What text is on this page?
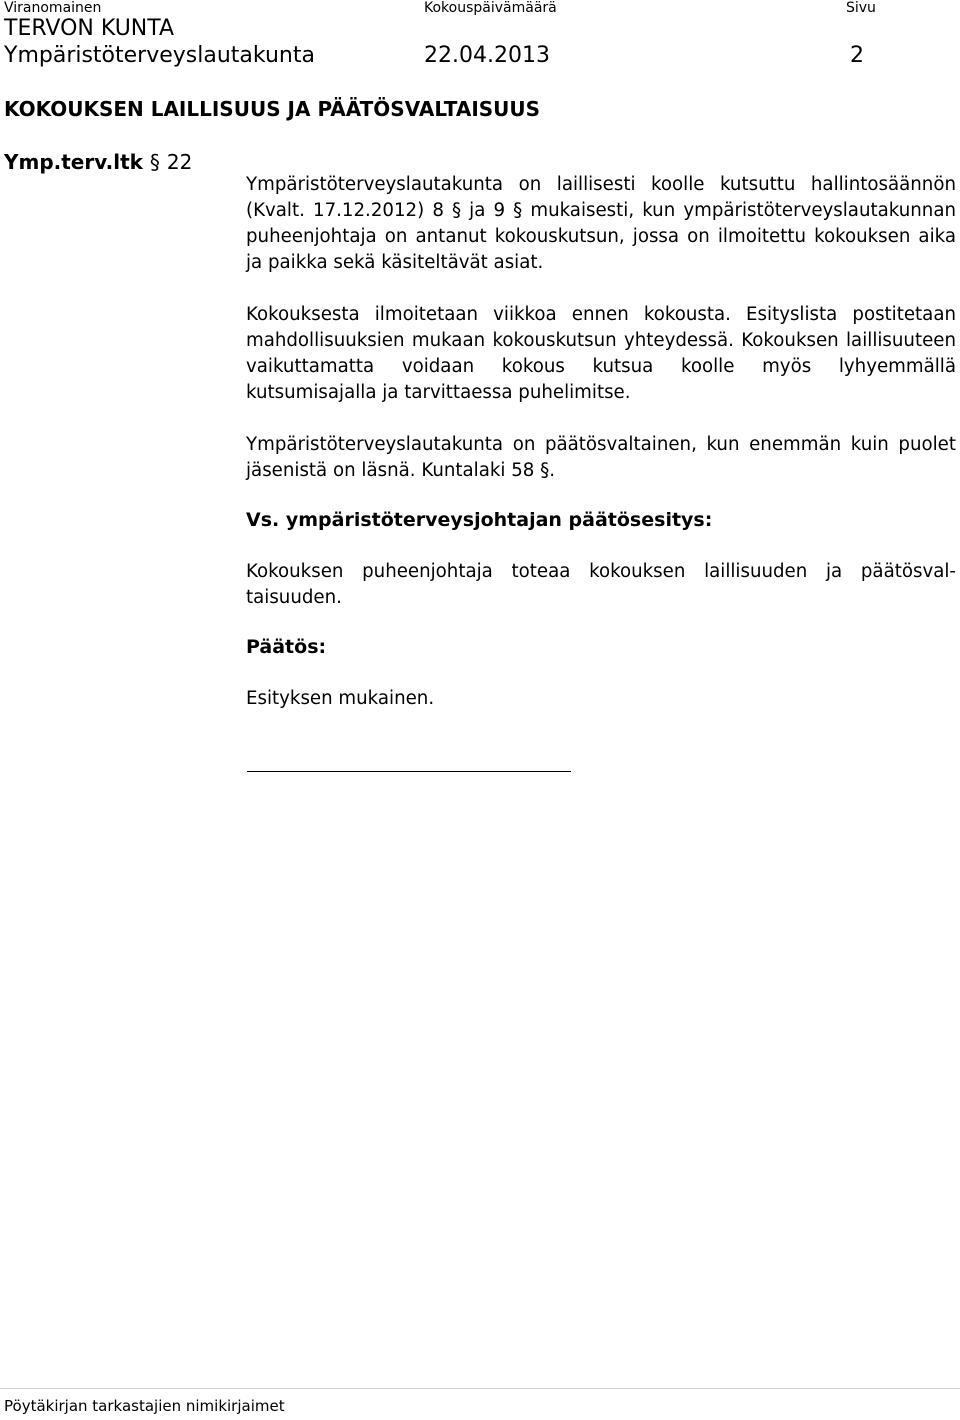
Viranomainen	Kokouspäivämäärä	Sivu
TERVON KUNTA
Ympäristöterveyslautakunta	22.04.2013	2
KOKOUKSEN LAILLISUUS JA PÄÄTÖSVALTAISUUS
Ymp.terv.ltk § 22

Ympäristöterveyslautakunta on laillisesti koolle kutsuttu hallintosäännön (Kvalt. 17.12.2012) 8 § ja 9 § mukaisesti, kun ympäristöterveyslautakunnan puheenjohtaja on antanut kokouskutsun, jossa on ilmoitettu kokouksen aika ja paikka sekä käsiteltävät asiat.

Kokouksesta ilmoitetaan viikkoa ennen kokousta. Esityslista postitetaan mahdollisuuksien mukaan kokouskutsun yhteydessä. Kokouksen laillisuuteen vaikuttamatta voidaan kokous kutsua koolle myös lyhyemmällä kutsumisajalla ja tarvittaessa puhelimitse.

Ympäristöterveyslautakunta on päätösvaltainen, kun enemmän kuin puolet jäsenistä on läsnä. Kuntalaki 58 §.

Vs. ympäristöterveysjohtajan päätösesitys:

Kokouksen puheenjohtaja toteaa kokouksen laillisuuden ja päätösvaltaisuuden.

Päätös:

Esityksen mukainen.

Pöytäkirjan tarkastajien nimikirjaimet
